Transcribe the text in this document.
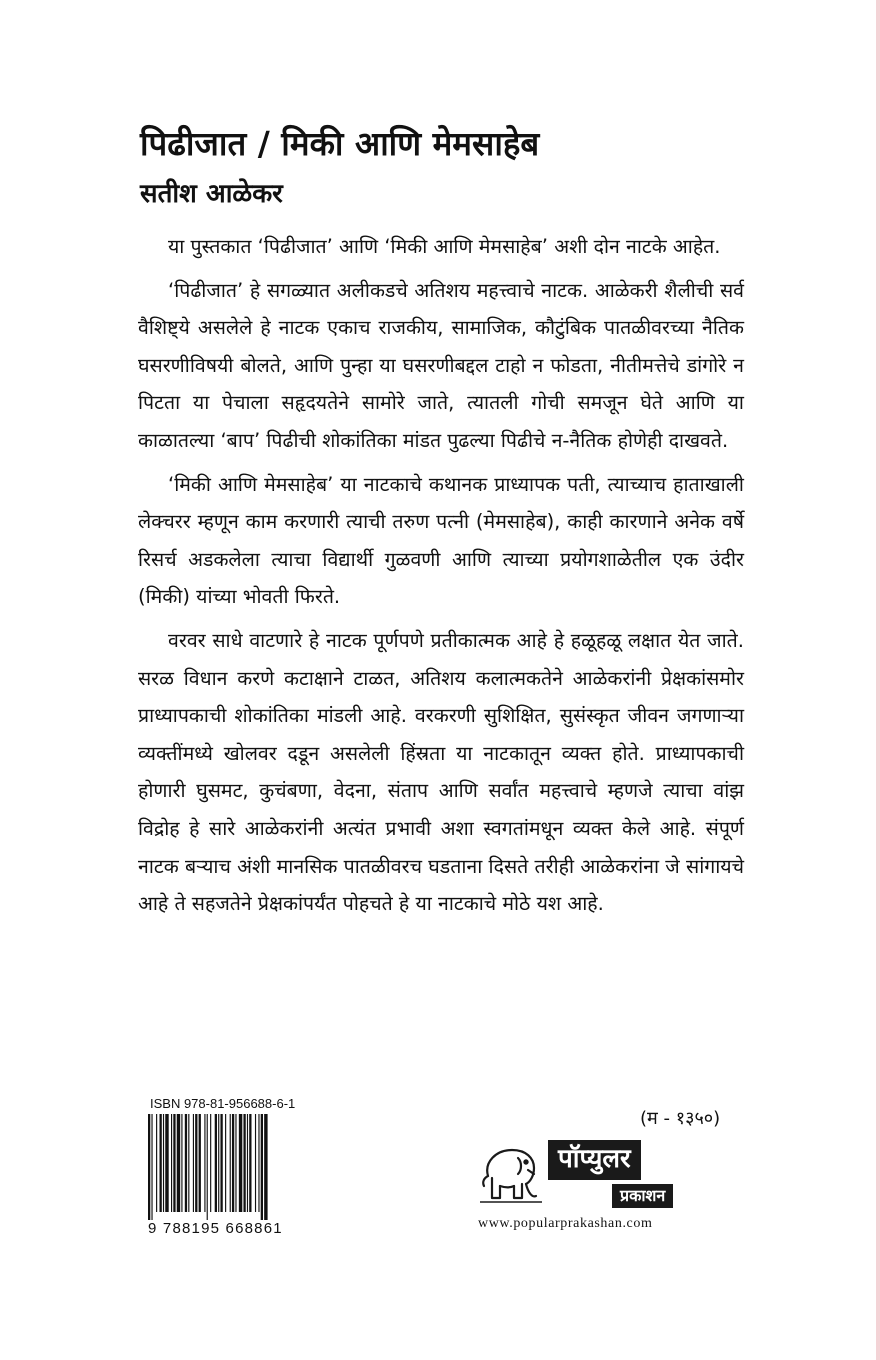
पिढीजात / मिकी आणि मेमसाहेब
सतीश आळेकर

या पुस्तकात ‘पिढीजात’ आणि ‘मिकी आणि मेमसाहेब’ अशी दोन नाटके आहेत.

‘पिढीजात’ हे सगळ्यात अलीकडचे अतिशय महत्त्वाचे नाटक. आळेकरी शैलीची सर्व वैशिष्ट्ये असलेले हे नाटक एकाच राजकीय, सामाजिक, कौटुंबिक पातळीवरच्या नैतिक घसरणीविषयी बोलते, आणि पुन्हा या घसरणीबद्दल टाहो न फोडता, नीतीमत्तेचे डांगोरे न पिटता या पेचाला सहृदयतेने सामोरे जाते, त्यातली गोची समजून घेते आणि या काळातल्या ‘बाप’ पिढीची शोकांतिका मांडत पुढल्या पिढीचे न-नैतिक होणेही दाखवते.

‘मिकी आणि मेमसाहेब’ या नाटकाचे कथानक प्राध्यापक पती, त्याच्याच हाताखाली लेक्चरर म्हणून काम करणारी त्याची तरुण पत्नी (मेमसाहेब), काही कारणाने अनेक वर्षे रिसर्च अडकलेला त्याचा विद्यार्थी गुळवणी आणि त्याच्या प्रयोगशाळेतील एक उंदीर (मिकी) यांच्या भोवती फिरते.

वरवर साधे वाटणारे हे नाटक पूर्णपणे प्रतीकात्मक आहे हे हळूहळू लक्षात येत जाते. सरळ विधान करणे कटाक्षाने टाळत, अतिशय कलात्मकतेने आळेकरांनी प्रेक्षकांसमोर प्राध्यापकाची शोकांतिका मांडली आहे. वरकरणी सुशिक्षित, सुसंस्कृत जीवन जगणाऱ्या व्यक्तींमध्ये खोलवर दडून असलेली हिंस्रता या नाटकातून व्यक्त होते. प्राध्यापकाची होणारी घुसमट, कुचंबणा, वेदना, संताप आणि सर्वांत महत्त्वाचे म्हणजे त्याचा वांझ विद्रोह हे सारे आळेकरांनी अत्यंत प्रभावी अशा स्वगतांमधून व्यक्त केले आहे. संपूर्ण नाटक बऱ्याच अंशी मानसिक पातळीवरच घडताना दिसते तरीही आळेकरांना जे सांगायचे आहे ते सहजतेने प्रेक्षकांपर्यंत पोहचते हे या नाटकाचे मोठे यश आहे.

ISBN 978-81-956688-6-1
9 788195 668861
(म - १३५०)
पॉप्युलर
प्रकाशन
www.popularprakashan.com
